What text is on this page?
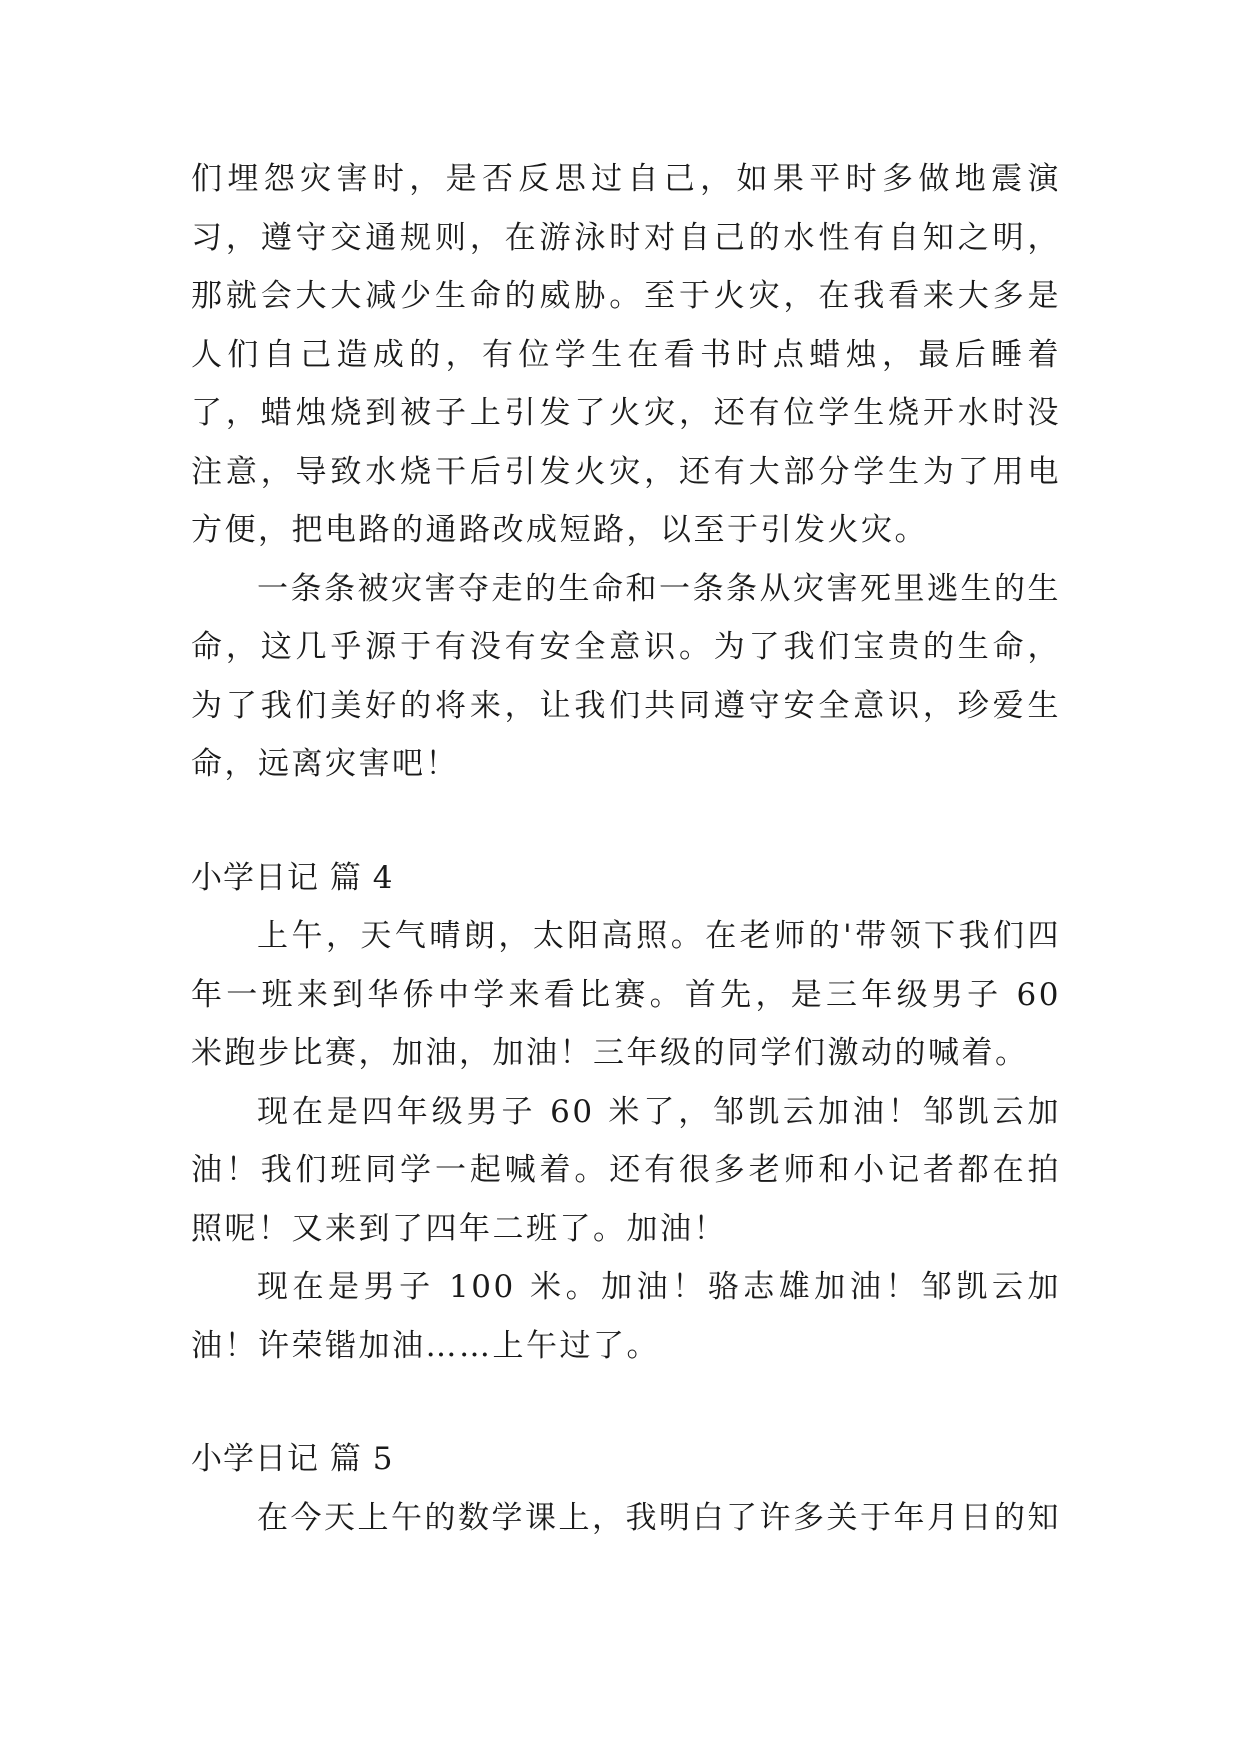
们埋怨灾害时，是否反思过自己，如果平时多做地震演习，遵守交通规则，在游泳时对自己的水性有自知之明，那就会大大减少生命的威胁。至于火灾，在我看来大多是人们自己造成的，有位学生在看书时点蜡烛，最后睡着了，蜡烛烧到被子上引发了火灾，还有位学生烧开水时没注意，导致水烧干后引发火灾，还有大部分学生为了用电方便，把电路的通路改成短路，以至于引发火灾。

一条条被灾害夺走的生命和一条条从灾害死里逃生的生命，这几乎源于有没有安全意识。为了我们宝贵的生命，为了我们美好的将来，让我们共同遵守安全意识，珍爱生命，远离灾害吧！

小学日记 篇 4

上午，天气晴朗，太阳高照。在老师的'带领下我们四年一班来到华侨中学来看比赛。首先，是三年级男子 60 米跑步比赛，加油，加油！三年级的同学们激动的喊着。

现在是四年级男子 60 米了，邹凯云加油！邹凯云加油！我们班同学一起喊着。还有很多老师和小记者都在拍照呢！又来到了四年二班了。加油！

现在是男子 100 米。加油！骆志雄加油！邹凯云加油！许荣锴加油……上午过了。

小学日记 篇 5

在今天上午的数学课上，我明白了许多关于年月日的知
